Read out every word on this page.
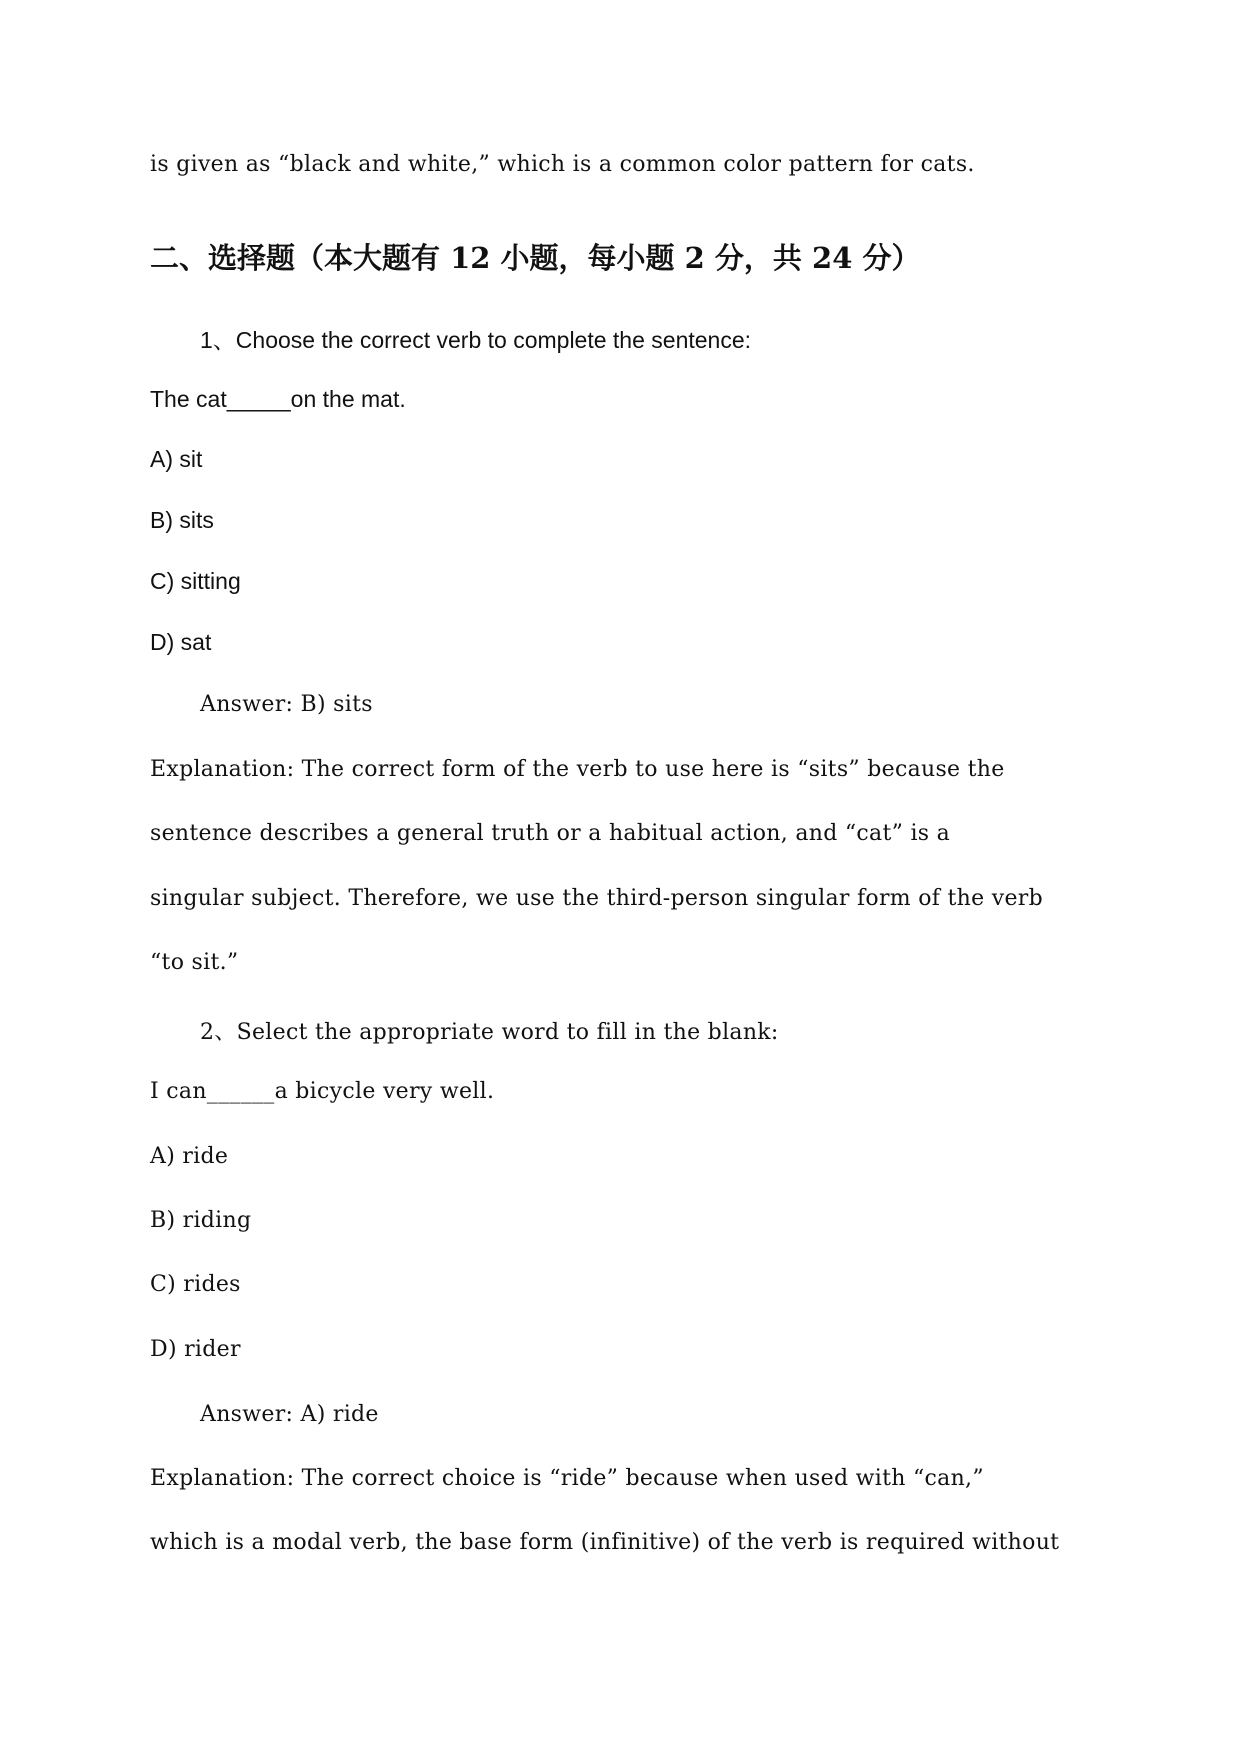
is given as “black and white,” which is a common color pattern for cats.

二、选择题（本大题有 12 小题，每小题 2 分，共 24 分）

1、Choose the correct verb to complete the sentence:

The cat_____on the mat.

A) sit

B) sits

C) sitting

D) sat

Answer: B) sits

Explanation: The correct form of the verb to use here is “sits” because the

sentence describes a general truth or a habitual action, and “cat” is a

singular subject. Therefore, we use the third-person singular form of the verb

“to sit.”

2、Select the appropriate word to fill in the blank:

I can______a bicycle very well.

A) ride

B) riding

C) rides

D) rider

Answer: A) ride

Explanation: The correct choice is “ride” because when used with “can,”

which is a modal verb, the base form (infinitive) of the verb is required without
